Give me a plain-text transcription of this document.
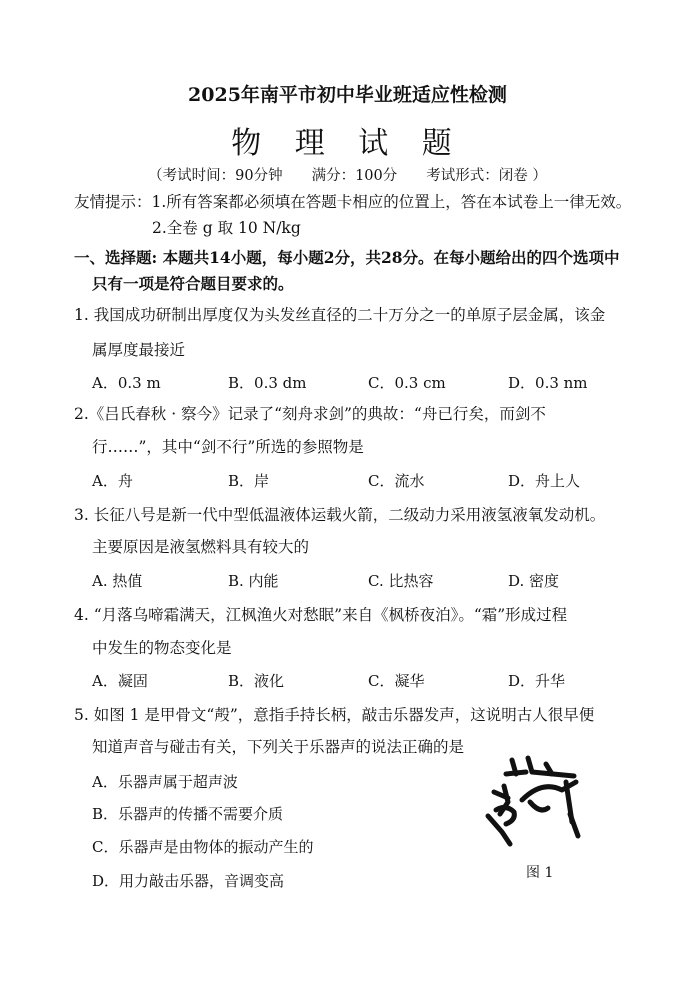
2025年南平市初中毕业班适应性检测
物 理 试 题
（考试时间：90分钟　　满分：100分　　考试形式：闭卷 ）
友情提示：1.所有答案都必须填在答题卡相应的位置上，答在本试卷上一律无效。
2.全卷 g 取 10 N/kg
一、选择题: 本题共14小题，每小题2分，共28分。在每小题给出的四个选项中
只有一项是符合题目要求的。
1. 我国成功研制出厚度仅为头发丝直径的二十万分之一的单原子层金属，该金
属厚度最接近
A．0.3 m	B．0.3 dm	C．0.3 cm	D．0.3 nm
2.《吕氏春秋 · 察今》记录了“刻舟求剑”的典故：“舟已行矣，而剑不
行……”，其中“剑不行”所选的参照物是
A．舟	B．岸	C．流水	D．舟上人
3. 长征八号是新一代中型低温液体运载火箭，二级动力采用液氢液氧发动机。
主要原因是液氢燃料具有较大的
A. 热值	B. 内能	C. 比热容	D. 密度
4. “月落乌啼霜满天，江枫渔火对愁眠”来自《枫桥夜泊》。“霜”形成过程
中发生的物态变化是
A．凝固	B．液化	C．凝华	D．升华
5. 如图 1 是甲骨文“殸”，意指手持长柄，敲击乐器发声，这说明古人很早便
知道声音与碰击有关，下列关于乐器声的说法正确的是
A．乐器声属于超声波
B．乐器声的传播不需要介质
C．乐器声是由物体的振动产生的
D．用力敲击乐器，音调变高	图 1
